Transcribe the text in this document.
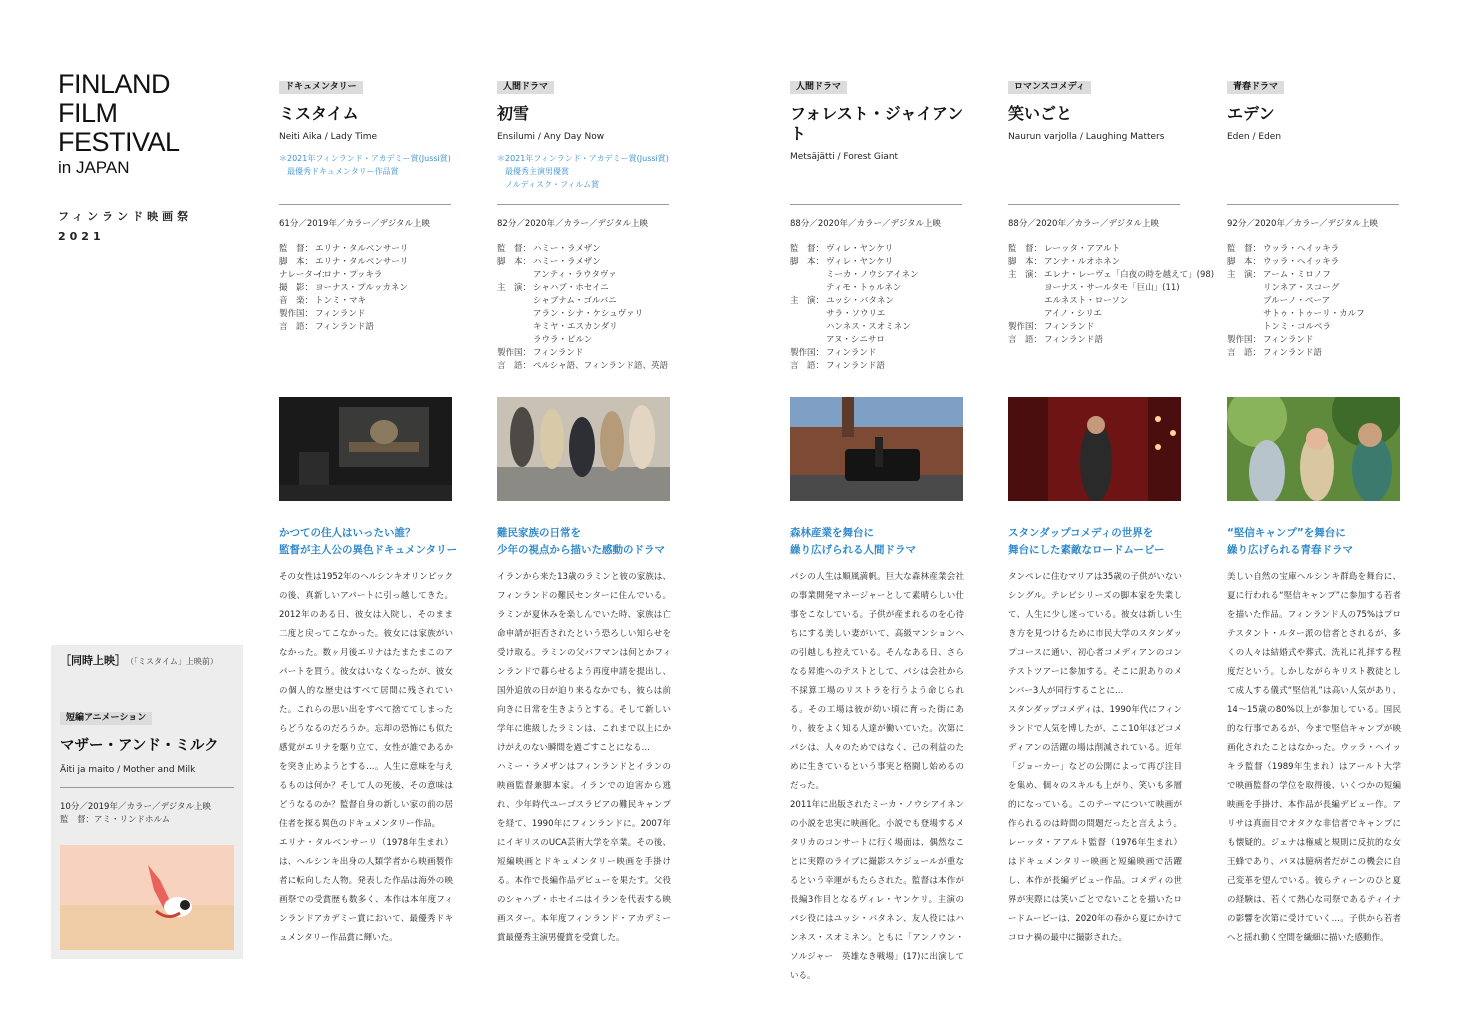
FINLAND
FILM
FESTIVAL
in JAPAN
フィンランド映画祭
2021
ドキュメンタリー
ミスタイム
Neiti Aika / Lady Time
＊2021年フィンランド・アカデミー賞(Jussi賞)
　最優秀ドキュメンタリー作品賞
61分／2019年／カラー／デジタル上映
監　督： エリナ・タルベンサーリ
脚　本： エリナ・タルベンサーリ
ナレーター：
イロナ・プッキラ
撮　影： ヨーナス・プルッカネン
音　楽： トンミ・マキ
製作国： フィンランド
言　語： フィンランド語
かつての住人はいったい誰？
監督が主人公の異色ドキュメンタリー

その女性は1952年のヘルシンキオリンピックの後、真新しいアパートに引っ越してきた。2012年のある日、彼女は入院し、そのまま二度と戻ってこなかった。彼女には家族がいなかった。数ヶ月後エリナはたまたまこのアパートを買う。彼女はいなくなったが、彼女の個人的な歴史はすべて居間に残されていた。これらの思い出をすべて捨ててしまったらどうなるのだろうか。忘却の恐怖にも似た感覚がエリナを駆り立て、女性が誰であるかを突き止めようとする…。人生に意味を与えるものは何か？そして人の死後、その意味はどうなるのか？監督自身の新しい家の前の居住者を探る異色のドキュメンタリー作品。

エリナ・タルベンサーリ（1978年生まれ）は、ヘルシンキ出身の人類学者から映画製作者に転向した人物。発表した作品は海外の映画祭での受賞歴も数多く、本作は本年度フィンランドアカデミー賞において、最優秀ドキュメンタリー作品賞に輝いた。

人間ドラマ
初雪
Ensilumi / Any Day Now
＊2021年フィンランド・アカデミー賞(Jussi賞)
　最優秀主演男優賞
　ノルディスク・フィルム賞
82分／2020年／カラー／デジタル上映
監　督： ハミー・ラメザン
脚　本： ハミー・ラメザン
アンティ・ラウタヴァ
主　演： シャハブ・ホセイニ
シャブナム・ゴルバニ
アラン・シナ・ケシュヴァリ
キミヤ・エスカンダリ
ラウラ・ビルン
製作国： フィンランド
言　語： ペルシャ語、フィンランド語、英語
難民家族の日常を
少年の視点から描いた感動のドラマ

イランから来た13歳のラミンと彼の家族は、フィンランドの難民センターに住んでいる。ラミンが夏休みを楽しんでいた時、家族は亡命申請が拒否されたという恐ろしい知らせを受け取る。ラミンの父バフマンは何とかフィンランドで暮らせるよう再度申請を提出し、国外追放の日が迫り来るなかでも、彼らは前向きに日常を生きようとする。そして新しい学年に進級したラミンは、これまで以上にかけがえのない瞬間を過ごすことになる…

ハミー・ラメザンはフィンランドとイランの映画監督兼脚本家。イランでの迫害から逃れ、少年時代ユーゴスラビアの難民キャンプを経て、1990年にフィンランドに。2007年にイギリスのUCA芸術大学を卒業。その後、短編映画とドキュメンタリー映画を手掛ける。本作で長編作品デビューを果たす。父役のシャハブ・ホセイニはイランを代表する映画スター。本年度フィンランド・アカデミー賞最優秀主演男優賞を受賞した。

人間ドラマ
フォレスト・ジャイアント
Metsäjätti / Forest Giant
88分／2020年／カラー／デジタル上映
監　督： ヴィレ・ヤンケリ
脚　本： ヴィレ・ヤンケリ
ミーカ・ノウシアイネン
ティモ・トゥルネン
主　演： ユッシ・バタネン
サラ・ソウリエ
ハンネス・スオミネン
アヌ・シニサロ
製作国： フィンランド
言　語： フィンランド語
森林産業を舞台に
繰り広げられる人間ドラマ

パシの人生は順風満帆。巨大な森林産業会社の事業開発マネージャーとして素晴らしい仕事をこなしている。子供が産まれるのを心待ちにする美しい妻がいて、高級マンションへの引越しも控えている。そんなある日、さらなる昇進へのテストとして、パシは会社から不採算工場のリストラを行うよう命じられる。その工場は彼が幼い頃に育った街にあり、彼をよく知る人達が働いていた。次第にパシは、人々のためではなく、己の利益のために生きているという事実と格闘し始めるのだった。

2011年に出版されたミーカ・ノウシアイネンの小説を忠実に映画化。小説でも登場するメタリカのコンサートに行く場面は、偶然なことに実際のライブに撮影スケジュールが重なるという幸運がもたらされた。監督は本作が長編3作目となるヴィレ・ヤンケリ。主演のパシ役にはユッシ・バタネン、友人役にはハンネス・スオミネン。ともに「アンノウン・ソルジャー　英雄なき戦場」(17)に出演している。

ロマンスコメディ
笑いごと
Naurun varjolla / Laughing Matters
88分／2020年／カラー／デジタル上映
監　督： レーッタ・アアルト
脚　本： アンナ・ルオホネン
主　演： エレナ・レーヴェ「白夜の時を越えて」(98)
ヨーナス・サールタモ「巨山」(11)
エルネスト・ローソン
アイノ・シリエ
製作国： フィンランド
言　語： フィンランド語
スタンダップコメディの世界を
舞台にした素敵なロードムービー

タンペレに住むマリアは35歳の子供がいないシングル。テレビシリーズの脚本家を失業して、人生に少し迷っている。彼女は新しい生き方を見つけるために市民大学のスタンダップコースに通い、初心者コメディアンのコンテストツアーに参加する。そこに訳ありのメンバー3人が同行することに…

スタンダップコメディは、1990年代にフィンランドで人気を博したが、ここ10年ほどコメディアンの活躍の場は削減されている。近年「ジョーカー」などの公開によって再び注目を集め、個々のスキルも上がり、笑いも多層的になっている。このテーマについて映画が作られるのは時間の問題だったと言えよう。レーッタ・アアルト監督（1976年生まれ）はドキュメンタリー映画と短編映画で活躍し、本作が長編デビュー作品。コメディの世界が実際には笑いごとでないことを描いたロードムービーは、2020年の春から夏にかけてコロナ禍の最中に撮影された。

青春ドラマ
エデン
Eden / Eden
92分／2020年／カラー／デジタル上映
監　督： ウッラ・ヘイッキラ
脚　本： ウッラ・ヘイッキラ
主　演： アーム・ミロノフ
リンネア・スコーグ
ブルーノ・ベーア
サトゥ・トゥーリ・カルフ
トンミ・コルベラ
製作国： フィンランド
言　語： フィンランド語
“堅信キャンプ”を舞台に
繰り広げられる青春ドラマ

美しい自然の宝庫ヘルシンキ群島を舞台に、夏に行われる“堅信キャンプ”に参加する若者を描いた作品。フィンランド人の75%はプロテスタント・ルター派の信者とされるが、多くの人々は結婚式や葬式、洗礼に礼拝する程度だという。しかしながらキリスト教徒として成人する儀式“堅信礼”は高い人気があり、14〜15歳の80%以上が参加している。国民的な行事であるが、今まで堅信キャンプが映画化されたことはなかった。ウッラ・ヘイッキラ監督（1989年生まれ）はアールト大学で映画監督の学位を取得後、いくつかの短編映画を手掛け、本作品が長編デビュー作。アリサは真面目でオタクな非信者でキャンプにも懐疑的。ジェナは権威と規則に反抗的な女王蜂であり、パヌは臆病者だがこの機会に自己変革を望んでいる。彼らティーンのひと夏の経験は、若くて熱心な司祭であるティイナの影響を次第に受けていく…。子供から若者へと揺れ動く空間を繊細に描いた感動作。

［同時上映］ （「ミスタイム」上映前）
短編アニメーション
マザー・アンド・ミルク
Äiti ja maito / Mother and Milk
10分／2019年／カラー／デジタル上映
監　督：アミ・リンドホルム
